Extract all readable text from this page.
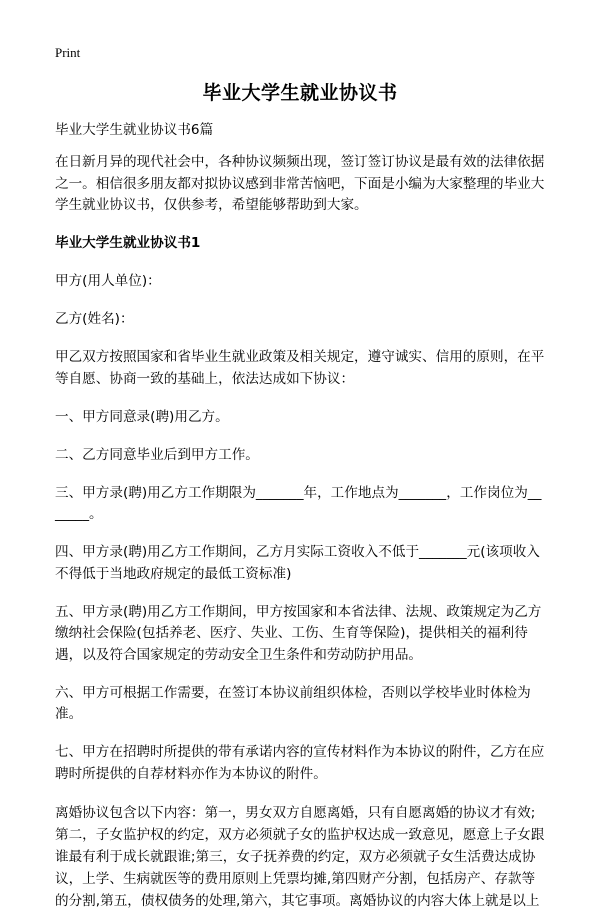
Print
毕业大学生就业协议书

毕业大学生就业协议书6篇

在日新月异的现代社会中，各种协议频频出现，签订签订协议是最有效的法律依据之一。相信很多朋友都对拟协议感到非常苦恼吧，下面是小编为大家整理的毕业大学生就业协议书，仅供参考，希望能够帮助到大家。

毕业大学生就业协议书1

甲方(用人单位)：

乙方(姓名)：

甲乙双方按照国家和省毕业生就业政策及相关规定，遵守诚实、信用的原则，在平等自愿、协商一致的基础上，依法达成如下协议：

一、甲方同意录(聘)用乙方。

二、乙方同意毕业后到甲方工作。

三、甲方录(聘)用乙方工作期限为_______年，工作地点为_______，工作岗位为_______。

四、甲方录(聘)用乙方工作期间，乙方月实际工资收入不低于_______元(该项收入不得低于当地政府规定的最低工资标准)

五、甲方录(聘)用乙方工作期间，甲方按国家和本省法律、法规、政策规定为乙方缴纳社会保险(包括养老、医疗、失业、工伤、生育等保险)，提供相关的福利待遇，以及符合国家规定的劳动安全卫生条件和劳动防护用品。

六、甲方可根据工作需要，在签订本协议前组织体检，否则以学校毕业时体检为准。

七、甲方在招聘时所提供的带有承诺内容的宣传材料作为本协议的附件，乙方在应聘时所提供的自荐材料亦作为本协议的附件。

离婚协议包含以下内容：第一，男女双方自愿离婚，只有自愿离婚的协议才有效;第二，子女监护权的约定，双方必须就子女的监护权达成一致意见，愿意上子女跟谁最有利于成长就跟谁;第三，女子抚养费的约定，双方必须就子女生活费达成协议，上学、生病就医等的费用原则上凭票均摊,第四财产分割，包括房产、存款等的分割,第五，债权债务的处理,第六，其它事项。离婚协议的内容大体上就是以上
